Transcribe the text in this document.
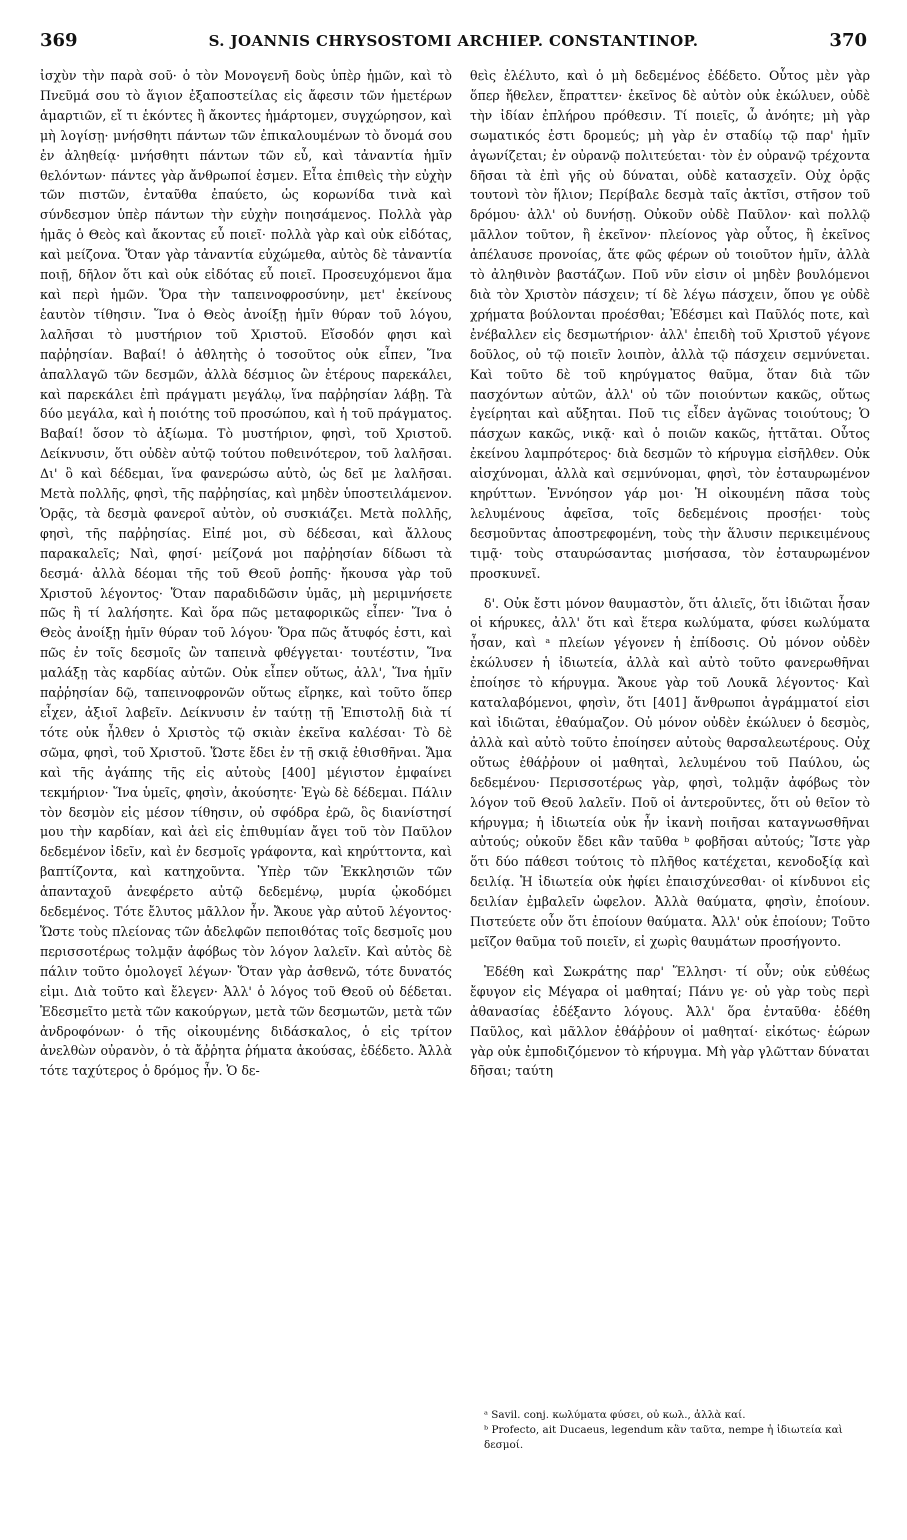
369	S. JOANNIS CHRYSOSTOMI ARCHIEP. CONSTANTINOP.	370

ἰσχὺν τὴν παρὰ σοῦ· ὁ τὸν Μονογενῆ δοὺς ὑπὲρ ἡμῶν, καὶ τὸ Πνεῦμά σου τὸ ἅγιον ἐξαποστείλας εἰς ἄφεσιν τῶν ἡμετέρων ἁμαρτιῶν, εἴ τι ἑκόντες ἢ ἄκοντες ἡμάρτομεν, συγχώρησον, καὶ μὴ λογίσῃ· μνήσθητι πάντων τῶν ἐπικαλουμένων τὸ ὄνομά σου ἐν ἀληθείᾳ· μνήσθητι πάντων τῶν εὖ, καὶ τἀναντία ἡμῖν θελόντων· πάντες γὰρ ἄνθρωποί ἐσμεν. Εἶτα ἐπιθεὶς τὴν εὐχὴν τῶν πιστῶν, ἐνταῦθα ἐπαύετο, ὡς κορωνίδα τινὰ καὶ σύνδεσμον ὑπὲρ πάντων τὴν εὐχὴν ποιησάμενος. Πολλὰ γὰρ ἡμᾶς ὁ Θεὸς καὶ ἄκοντας εὖ ποιεῖ· πολλὰ γὰρ καὶ οὐκ εἰδότας, καὶ μείζονα. Ὅταν γὰρ τἀναντία εὐχώμεθα, αὐτὸς δὲ τἀναντία ποιῇ, δῆλον ὅτι καὶ οὐκ εἰδότας εὖ ποιεῖ. Προσευχόμενοι ἅμα καὶ περὶ ἡμῶν. Ὅρα τὴν ταπεινοφροσύνην, μετ' ἐκείνους ἑαυτὸν τίθησιν. Ἵνα ὁ Θεὸς ἀνοίξῃ ἡμῖν θύραν τοῦ λόγου, λαλῆσαι τὸ μυστήριον τοῦ Χριστοῦ. Εἴσοδόν φησι καὶ παῤῥησίαν. Βαβαί! ὁ ἀθλητὴς ὁ τοσοῦτος οὐκ εἶπεν, Ἵνα ἀπαλλαγῶ τῶν δεσμῶν, ἀλλὰ δέσμιος ὢν ἑτέρους παρεκάλει, καὶ παρεκάλει ἐπὶ πράγματι μεγάλῳ, ἵνα παῤῥησίαν λάβῃ. Τὰ δύο μεγάλα, καὶ ἡ ποιότης τοῦ προσώπου, καὶ ἡ τοῦ πράγματος. Βαβαί! ὅσον τὸ ἀξίωμα. Τὸ μυστήριον, φησὶ, τοῦ Χριστοῦ. Δείκνυσιν, ὅτι οὐδὲν αὐτῷ τούτου ποθεινότερον, τοῦ λαλῆσαι. Δι' ὃ καὶ δέδεμαι, ἵνα φανερώσω αὐτὸ, ὡς δεῖ με λαλῆσαι. Μετὰ πολλῆς, φησὶ, τῆς παῤῥησίας, καὶ μηδὲν ὑποστειλάμενον. Ὁρᾷς, τὰ δεσμὰ φανεροῖ αὐτὸν, οὐ συσκιάζει. Μετὰ πολλῆς, φησὶ, τῆς παῤῥησίας. Εἰπέ μοι, σὺ δέδεσαι, καὶ ἄλλους παρακαλεῖς; Ναὶ, φησί· μείζονά μοι παῤῥησίαν δίδωσι τὰ δεσμά· ἀλλὰ δέομαι τῆς τοῦ Θεοῦ ῥοπῆς· ἤκουσα γὰρ τοῦ Χριστοῦ λέγοντος· Ὅταν παραδιδῶσιν ὑμᾶς, μὴ μεριμνήσετε πῶς ἢ τί λαλήσητε. Καὶ ὅρα πῶς μεταφορικῶς εἶπεν· Ἵνα ὁ Θεὸς ἀνοίξῃ ἡμῖν θύραν τοῦ λόγου· Ὅρα πῶς ἄτυφός ἐστι, καὶ πῶς ἐν τοῖς δεσμοῖς ὢν ταπεινὰ φθέγγεται· τουτέστιν, Ἵνα μαλάξῃ τὰς καρδίας αὐτῶν. Οὐκ εἶπεν οὕτως, ἀλλ', Ἵνα ἡμῖν παῤῥησίαν δῷ, ταπεινοφρονῶν οὕτως εἴρηκε, καὶ τοῦτο ὅπερ εἶχεν, ἀξιοῖ λαβεῖν. Δείκνυσιν ἐν ταύτῃ τῇ Ἐπιστολῇ διὰ τί τότε οὐκ ἦλθεν ὁ Χριστὸς τῷ σκιὰν ἐκεῖνα καλέσαι· Τὸ δὲ σῶμα, φησὶ, τοῦ Χριστοῦ. Ὥστε ἔδει ἐν τῇ σκιᾷ ἐθισθῆναι. Ἅμα καὶ τῆς ἀγάπης τῆς εἰς αὐτοὺς [400] μέγιστον ἐμφαίνει τεκμήριον· Ἵνα ὑμεῖς, φησὶν, ἀκούσητε· Ἐγὼ δὲ δέδεμαι. Πάλιν τὸν δεσμὸν εἰς μέσον τίθησιν, οὐ σφόδρα ἐρῶ, ὃς διανίστησί μου τὴν καρδίαν, καὶ ἀεὶ εἰς ἐπιθυμίαν ἄγει τοῦ τὸν Παῦλον δεδεμένον ἰδεῖν, καὶ ἐν δεσμοῖς γράφοντα, καὶ κηρύττοντα, καὶ βαπτίζοντα, καὶ κατηχοῦντα. Ὑπὲρ τῶν Ἐκκλησιῶν τῶν ἁπανταχοῦ ἀνεφέρετο αὐτῷ δεδεμένῳ, μυρία ᾠκοδόμει δεδεμένος. Τότε ἔλυτος μᾶλλον ἦν. Ἄκουε γὰρ αὐτοῦ λέγοντος· Ὥστε τοὺς πλείονας τῶν ἀδελφῶν πεποιθότας τοῖς δεσμοῖς μου περισσοτέρως τολμᾷν ἀφόβως τὸν λόγον λαλεῖν. Καὶ αὐτὸς δὲ πάλιν τοῦτο ὁμολογεῖ λέγων· Ὅταν γὰρ ἀσθενῶ, τότε δυνατός εἰμι. Διὰ τοῦτο καὶ ἔλεγεν· Ἀλλ' ὁ λόγος τοῦ Θεοῦ οὐ δέδεται. Ἐδεσμεῖτο μετὰ τῶν κακούργων, μετὰ τῶν δεσμωτῶν, μετὰ τῶν ἀνδροφόνων· ὁ τῆς οἰκουμένης διδάσκαλος, ὁ εἰς τρίτον ἀνελθὼν οὐρανὸν, ὁ τὰ ἄῤῥητα ῥήματα ἀκούσας, ἐδέδετο. Ἀλλὰ τότε ταχύτερος ὁ δρόμος ἦν. Ὁ δε-

θεὶς ἐλέλυτο, καὶ ὁ μὴ δεδεμένος ἐδέδετο. Οὗτος μὲν γὰρ ὅπερ ἤθελεν, ἔπραττεν· ἐκεῖνος δὲ αὐτὸν οὐκ ἐκώλυεν, οὐδὲ τὴν ἰδίαν ἐπλήρου πρόθεσιν. Τί ποιεῖς, ὦ ἀνόητε; μὴ γὰρ σωματικός ἐστι δρομεύς; μὴ γὰρ ἐν σταδίῳ τῷ παρ' ἡμῖν ἀγωνίζεται; ἐν οὐρανῷ πολιτεύεται· τὸν ἐν οὐρανῷ τρέχοντα δῆσαι τὰ ἐπὶ γῆς οὐ δύναται, οὐδὲ κατασχεῖν. Οὐχ ὁρᾷς τουτονὶ τὸν ἥλιον; Περίβαλε δεσμὰ ταῖς ἀκτῖσι, στῆσον τοῦ δρόμου· ἀλλ' οὐ δυνήσῃ. Οὐκοῦν οὐδὲ Παῦλον· καὶ πολλῷ μᾶλλον τοῦτον, ἢ ἐκεῖνον· πλείονος γὰρ οὗτος, ἢ ἐκεῖνος ἀπέλαυσε προνοίας, ἅτε φῶς φέρων οὐ τοιοῦτον ἡμῖν, ἀλλὰ τὸ ἀληθινὸν βαστάζων. Ποῦ νῦν εἰσιν οἱ μηδὲν βουλόμενοι διὰ τὸν Χριστὸν πάσχειν; τί δὲ λέγω πάσχειν, ὅπου γε οὐδὲ χρήματα βούλονται προέσθαι; Ἐδέσμει καὶ Παῦλός ποτε, καὶ ἐνέβαλλεν εἰς δεσμωτήριον· ἀλλ' ἐπειδὴ τοῦ Χριστοῦ γέγονε δοῦλος, οὐ τῷ ποιεῖν λοιπὸν, ἀλλὰ τῷ πάσχειν σεμνύνεται. Καὶ τοῦτο δὲ τοῦ κηρύγματος θαῦμα, ὅταν διὰ τῶν πασχόντων αὐτῶν, ἀλλ' οὐ τῶν ποιούντων κακῶς, οὕτως ἐγείρηται καὶ αὔξηται. Ποῦ τις εἶδεν ἀγῶνας τοιούτους; Ὁ πάσχων κακῶς, νικᾷ· καὶ ὁ ποιῶν κακῶς, ἡττᾶται. Οὗτος ἐκείνου λαμπρότερος· διὰ δεσμῶν τὸ κήρυγμα εἰσῆλθεν. Οὐκ αἰσχύνομαι, ἀλλὰ καὶ σεμνύνομαι, φησὶ, τὸν ἐσταυρωμένον κηρύττων. Ἐννόησον γάρ μοι· Ἡ οἰκουμένη πᾶσα τοὺς λελυμένους ἀφεῖσα, τοῖς δεδεμένοις προσῄει· τοὺς δεσμοῦντας ἀποστρεφομένη, τοὺς τὴν ἅλυσιν περικειμένους τιμᾷ· τοὺς σταυρώσαντας μισήσασα, τὸν ἐσταυρωμένον προσκυνεῖ.

δ'. Οὐκ ἔστι μόνον θαυμαστὸν, ὅτι ἁλιεῖς, ὅτι ἰδιῶται ἦσαν οἱ κήρυκες, ἀλλ' ὅτι καὶ ἕτερα κωλύματα, φύσει κωλύματα ἦσαν, καὶ ᵃ πλείων γέγονεν ἡ ἐπίδοσις. Οὐ μόνον οὐδὲν ἐκώλυσεν ἡ ἰδιωτεία, ἀλλὰ καὶ αὐτὸ τοῦτο φανερωθῆναι ἐποίησε τὸ κήρυγμα. Ἄκουε γὰρ τοῦ Λουκᾶ λέγοντος· Καὶ καταλαβόμενοι, φησὶν, ὅτι [401] ἄνθρωποι ἀγράμματοί εἰσι καὶ ἰδιῶται, ἐθαύμαζον. Οὐ μόνον οὐδὲν ἐκώλυεν ὁ δεσμὸς, ἀλλὰ καὶ αὐτὸ τοῦτο ἐποίησεν αὐτοὺς θαρσαλεωτέρους. Οὐχ οὕτως ἐθάῤῥουν οἱ μαθηταὶ, λελυμένου τοῦ Παύλου, ὡς δεδεμένου· Περισσοτέρως γὰρ, φησὶ, τολμᾷν ἀφόβως τὸν λόγον τοῦ Θεοῦ λαλεῖν. Ποῦ οἱ ἀντεροῦντες, ὅτι οὐ θεῖον τὸ κήρυγμα; ἡ ἰδιωτεία οὐκ ἦν ἱκανὴ ποιῆσαι καταγνωσθῆναι αὐτούς; οὐκοῦν ἔδει κἂν ταῦθα ᵇ φοβῆσαι αὐτούς; Ἴστε γὰρ ὅτι δύο πάθεσι τούτοις τὸ πλῆθος κατέχεται, κενοδοξίᾳ καὶ δειλίᾳ. Ἡ ἰδιωτεία οὐκ ἠφίει ἐπαισχύνεσθαι· οἱ κίνδυνοι εἰς δειλίαν ἐμβαλεῖν ὠφελον. Ἀλλὰ θαύματα, φησὶν, ἐποίουν. Πιστεύετε οὖν ὅτι ἐποίουν θαύματα. Ἀλλ' οὐκ ἐποίουν; Τοῦτο μεῖζον θαῦμα τοῦ ποιεῖν, εἰ χωρὶς θαυμάτων προσήγοντο.

Ἐδέθη καὶ Σωκράτης παρ' Ἕλλησι· τί οὖν; οὐκ εὐθέως ἔφυγον εἰς Μέγαρα οἱ μαθηταί; Πάνυ γε· οὐ γὰρ τοὺς περὶ ἀθανασίας ἐδέξαντο λόγους. Ἀλλ' ὅρα ἐνταῦθα· ἐδέθη Παῦλος, καὶ μᾶλλον ἐθάῤῥουν οἱ μαθηταί· εἰκότως· ἑώρων γὰρ οὐκ ἐμποδιζόμενον τὸ κήρυγμα. Μὴ γὰρ γλῶτταν δύναται δῆσαι; ταύτη

ᵃ Savil. conj. κωλύματα φύσει, οὐ κωλ., ἀλλὰ καί.

ᵇ Profecto, ait Ducaeus, legendum κἂν ταῦτα, nempe ἡ ἰδιωτεία καὶ δεσμοί.
